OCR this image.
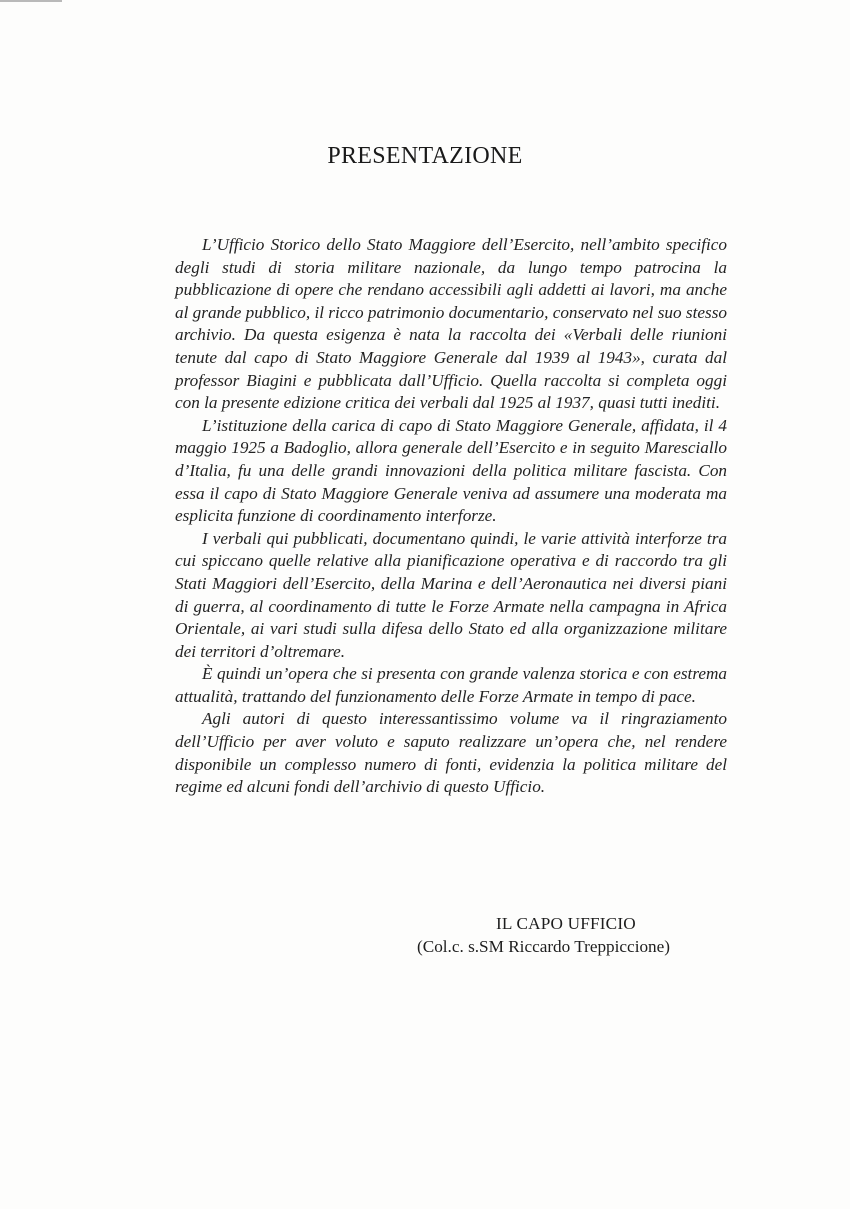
PRESENTAZIONE

L’Ufficio Storico dello Stato Maggiore dell’Esercito, nell’ambito specifico degli studi di storia militare nazionale, da lungo tempo patrocina la pubblicazione di opere che rendano accessibili agli addetti ai lavori, ma anche al grande pubblico, il ricco patrimonio documentario, conservato nel suo stesso archivio. Da questa esigenza è nata la raccolta dei «Verbali delle riunioni tenute dal capo di Stato Maggiore Generale dal 1939 al 1943», curata dal professor Biagini e pubblicata dall’Ufficio. Quella raccolta si completa oggi con la presente edizione critica dei verbali dal 1925 al 1937, quasi tutti inediti.

L’istituzione della carica di capo di Stato Maggiore Generale, affidata, il 4 maggio 1925 a Badoglio, allora generale dell’Esercito e in seguito Maresciallo d’Italia, fu una delle grandi innovazioni della politica militare fascista. Con essa il capo di Stato Maggiore Generale veniva ad assumere una moderata ma esplicita funzione di coordinamento interforze.

I verbali qui pubblicati, documentano quindi, le varie attività interforze tra cui spiccano quelle relative alla pianificazione operativa e di raccordo tra gli Stati Maggiori dell’Esercito, della Marina e dell’Aeronautica nei diversi piani di guerra, al coordinamento di tutte le Forze Armate nella campagna in Africa Orientale, ai vari studi sulla difesa dello Stato ed alla organizzazione militare dei territori d’oltremare.

È quindi un’opera che si presenta con grande valenza storica e con estrema attualità, trattando del funzionamento delle Forze Armate in tempo di pace.

Agli autori di questo interessantissimo volume va il ringraziamento dell’Ufficio per aver voluto e saputo realizzare un’opera che, nel rendere disponibile un complesso numero di fonti, evidenzia la politica militare del regime ed alcuni fondi dell’archivio di questo Ufficio.

IL CAPO UFFICIO
(Col.c. s.SM Riccardo Treppiccione)
